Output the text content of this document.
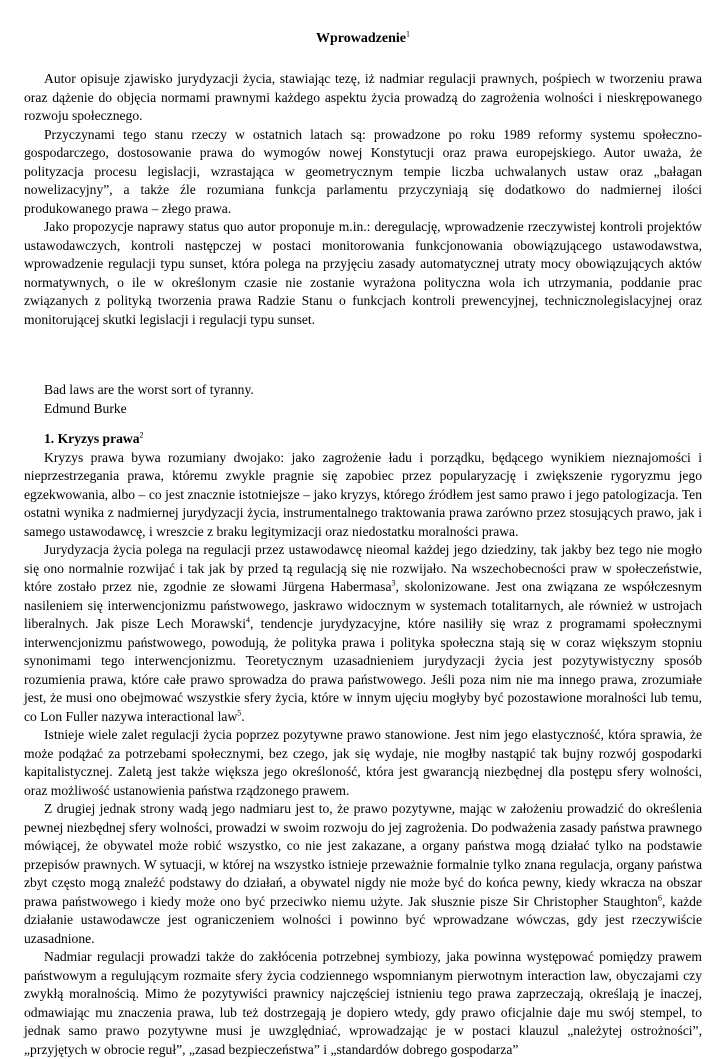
Wprowadzenie$^1$

Autor opisuje zjawisko jurydyzacji życia, stawiając tezę, iż nadmiar regulacji prawnych, pośpiech w tworzeniu prawa oraz dążenie do objęcia normami prawnymi każdego aspektu życia prowadzą do zagrożenia wolności i nieskrępowanego rozwoju społecznego.

Przyczynami tego stanu rzeczy w ostatnich latach są: prowadzone po roku 1989 reformy systemu społeczno-gospodarczego, dostosowanie prawa do wymogów nowej Konstytucji oraz prawa europejskiego. Autor uważa, że polityzacja procesu legislacji, wzrastająca w geometrycznym tempie liczba uchwalanych ustaw oraz „bałagan nowelizacyjny”, a także źle rozumiana funkcja parlamentu przyczyniają się dodatkowo do nadmiernej ilości produkowanego prawa – złego prawa.

Jako propozycje naprawy status quo autor proponuje m.in.: deregulację, wprowadzenie rzeczywistej kontroli projektów ustawodawczych, kontroli następczej w postaci monitorowania funkcjonowania obowiązującego ustawodawstwa, wprowadzenie regulacji typu sunset, która polega na przyjęciu zasady automatycznej utraty mocy obowiązujących aktów normatywnych, o ile w określonym czasie nie zostanie wyrażona polityczna wola ich utrzymania, poddanie prac związanych z polityką tworzenia prawa Radzie Stanu o funkcjach kontroli prewencyjnej, technicznolegislacyjnej oraz monitorującej skutki legislacji i regulacji typu sunset.

Bad laws are the worst sort of tyranny.
Edmund Burke
1. Kryzys prawa$^2$

Kryzys prawa bywa rozumiany dwojako: jako zagrożenie ładu i porządku, będącego wynikiem nieznajomości i nieprzestrzegania prawa, któremu zwykle pragnie się zapobiec przez popularyzację i zwiększenie rygoryzmu jego egzekwowania, albo – co jest znacznie istotniejsze – jako kryzys, którego źródłem jest samo prawo i jego patologizacja. Ten ostatni wynika z nadmiernej jurydyzacji życia, instrumentalnego traktowania prawa zarówno przez stosujących prawo, jak i samego ustawodawcę, i wreszcie z braku legitymizacji oraz niedostatku moralności prawa.

Jurydyzacja życia polega na regulacji przez ustawodawcę nieomal każdej jego dziedziny, tak jakby bez tego nie mogło się ono normalnie rozwijać i tak jak by przed tą regulacją się nie rozwijało. Na wszechobecności praw w społeczeństwie, które zostało przez nie, zgodnie ze słowami Jürgena Habermasa$^3$, skolonizowane. Jest ona związana ze współczesnym nasileniem się interwencjonizmu państwowego, jaskrawo widocznym w systemach totalitarnych, ale również w ustrojach liberalnych. Jak pisze Lech Morawski$^4$, tendencje jurydyzacyjne, które nasiliły się wraz z programami społecznymi interwencjonizmu państwowego, powodują, że polityka prawa i polityka społeczna stają się w coraz większym stopniu synonimami tego interwencjonizmu. Teoretycznym uzasadnieniem jurydyzacji życia jest pozytywistyczny sposób rozumienia prawa, które całe prawo sprowadza do prawa państwowego. Jeśli poza nim nie ma innego prawa, zrozumiałe jest, że musi ono obejmować wszystkie sfery życia, które w innym ujęciu mogłyby być pozostawione moralności lub temu, co Lon Fuller nazywa interactional law$^5$.

Istnieje wiele zalet regulacji życia poprzez pozytywne prawo stanowione. Jest nim jego elastyczność, która sprawia, że może podążać za potrzebami społecznymi, bez czego, jak się wydaje, nie mogłby nastąpić tak bujny rozwój gospodarki kapitalistycznej. Zaletą jest także większa jego określoność, która jest gwarancją niezbędnej dla postępu sfery wolności, oraz możliwość ustanowienia państwa rządzonego prawem.

Z drugiej jednak strony wadą jego nadmiaru jest to, że prawo pozytywne, mając w założeniu prowadzić do określenia pewnej niezbędnej sfery wolności, prowadzi w swoim rozwoju do jej zagrożenia. Do podważenia zasady państwa prawnego mówiącej, że obywatel może robić wszystko, co nie jest zakazane, a organy państwa mogą działać tylko na podstawie przepisów prawnych. W sytuacji, w której na wszystko istnieje przeważnie formalnie tylko znana regulacja, organy państwa zbyt często mogą znaleźć podstawy do działań, a obywatel nigdy nie może być do końca pewny, kiedy wkracza na obszar prawa państwowego i kiedy może ono być przeciwko niemu użyte. Jak słusznie pisze Sir Christopher Staughton$^6$, każde działanie ustawodawcze jest ograniczeniem wolności i powinno być wprowadzane wówczas, gdy jest rzeczywiście uzasadnione.

Nadmiar regulacji prowadzi także do zakłócenia potrzebnej symbiozy, jaka powinna występować pomiędzy prawem państwowym a regulującym rozmaite sfery życia codziennego wspomnianym pierwotnym interaction law, obyczajami czy zwykłą moralnością. Mimo że pozytywiści prawnicy najczęściej istnieniu tego prawa zaprzeczają, określają je inaczej, odmawiając mu znaczenia prawa, lub też dostrzegają je dopiero wtedy, gdy prawo oficjalnie daje mu swój stempel, to jednak samo prawo pozytywne musi je uwzględniać, wprowadzając je w postaci klauzul „należytej ostrożności”, „przyjętych w obrocie reguł”, „zasad bezpieczeństwa” i „standardów dobrego gospodarza”
